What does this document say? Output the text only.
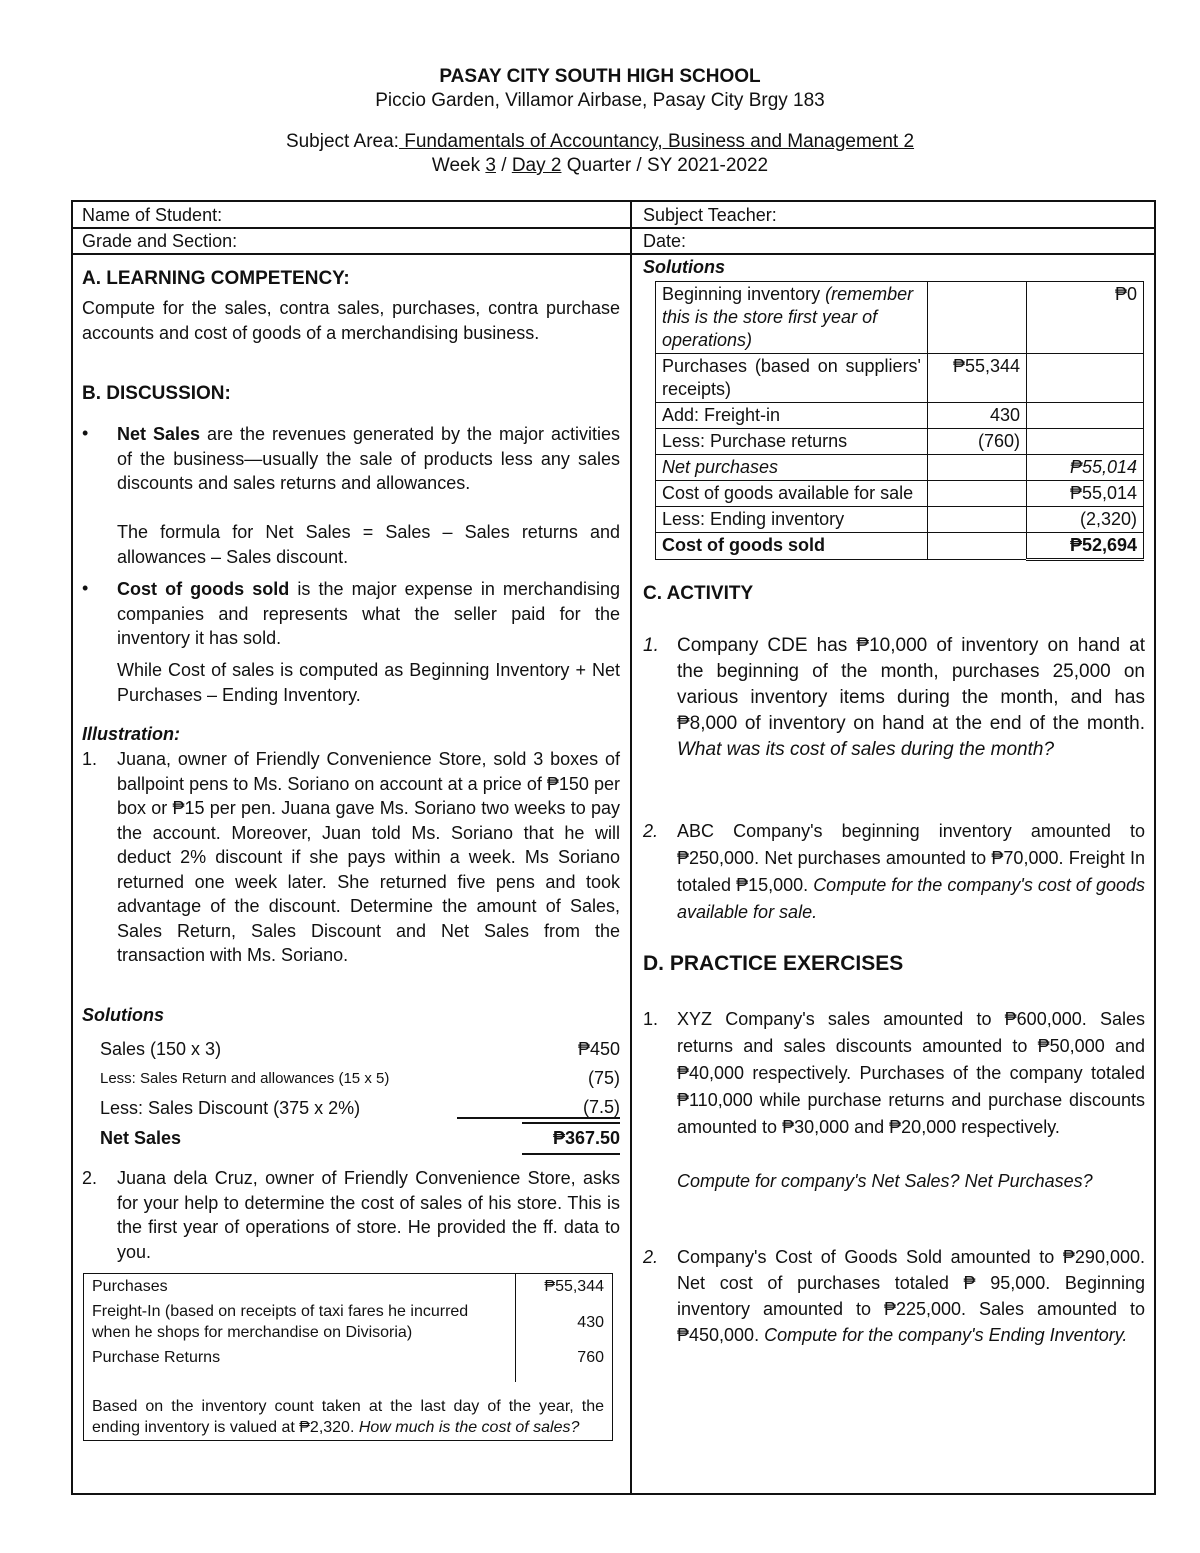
PASAY CITY SOUTH HIGH SCHOOL
Piccio Garden, Villamor Airbase, Pasay City Brgy 183
Subject Area: Fundamentals of Accountancy, Business and Management 2
Week 3 / Day 2 Quarter / SY 2021-2022
Name of Student:	Subject Teacher:
Grade and Section:	Date:
A. LEARNING COMPETENCY:
Compute for the sales, contra sales, purchases, contra purchase accounts and cost of goods of a merchandising business.
B. DISCUSSION:
• Net Sales are the revenues generated by the major activities of the business—usually the sale of products less any sales discounts and sales returns and allowances.
The formula for Net Sales = Sales – Sales returns and allowances – Sales discount.
• Cost of goods sold is the major expense in merchandising companies and represents what the seller paid for the inventory it has sold.
While Cost of sales is computed as Beginning Inventory + Net Purchases – Ending Inventory.
Illustration:
1.	Juana, owner of Friendly Convenience Store, sold 3 boxes of ballpoint pens to Ms. Soriano on account at a price of ₱150 per box or ₱15 per pen. Juana gave Ms. Soriano two weeks to pay the account. Moreover, Juan told Ms. Soriano that he will deduct 2% discount if she pays within a week. Ms Soriano returned one week later. She returned five pens and took advantage of the discount. Determine the amount of Sales, Sales Return, Sales Discount and Net Sales from the transaction with Ms. Soriano.
Solutions
Sales (150 x 3)	₱450
Less: Sales Return and allowances (15 x 5)	(75)
Less: Sales Discount (375 x 2%)	(7.5)
Net Sales	₱367.50
2.	Juana dela Cruz, owner of Friendly Convenience Store, asks for your help to determine the cost of sales of his store. This is the first year of operations of store. He provided the ff. data to you.
Purchases	₱55,344
Freight-In (based on receipts of taxi fares he incurred when he shops for merchandise on Divisoria)	430
Purchase Returns	760
Based on the inventory count taken at the last day of the year, the ending inventory is valued at ₱2,320. How much is the cost of sales?	
Solutions
Beginning inventory (remember this is the store first year of operations)		₱0
Purchases (based on suppliers' receipts)	₱55,344	
Add: Freight-in	430	
Less: Purchase returns	(760)	
Net purchases		₱55,014
Cost of goods available for sale		₱55,014
Less: Ending inventory		(2,320)
Cost of goods sold		₱52,694
C. ACTIVITY
1. Company CDE has ₱10,000 of inventory on hand at the beginning of the month, purchases 25,000 on various inventory items during the month, and has ₱8,000 of inventory on hand at the end of the month. What was its cost of sales during the month?
2.	ABC Company's beginning inventory amounted to ₱250,000. Net purchases amounted to ₱70,000. Freight In totaled ₱15,000. Compute for the company's cost of goods available for sale.
D. PRACTICE EXERCISES
1.	XYZ Company's sales amounted to ₱600,000. Sales returns and sales discounts amounted to ₱50,000 and ₱40,000 respectively. Purchases of the company totaled ₱110,000 while purchase returns and purchase discounts amounted to ₱30,000 and ₱20,000 respectively.
Compute for company's Net Sales? Net Purchases?
2.	Company's Cost of Goods Sold amounted to ₱290,000. Net cost of purchases totaled ₱ 95,000. Beginning inventory amounted to ₱225,000. Sales amounted to ₱450,000. Compute for the company's Ending Inventory.
